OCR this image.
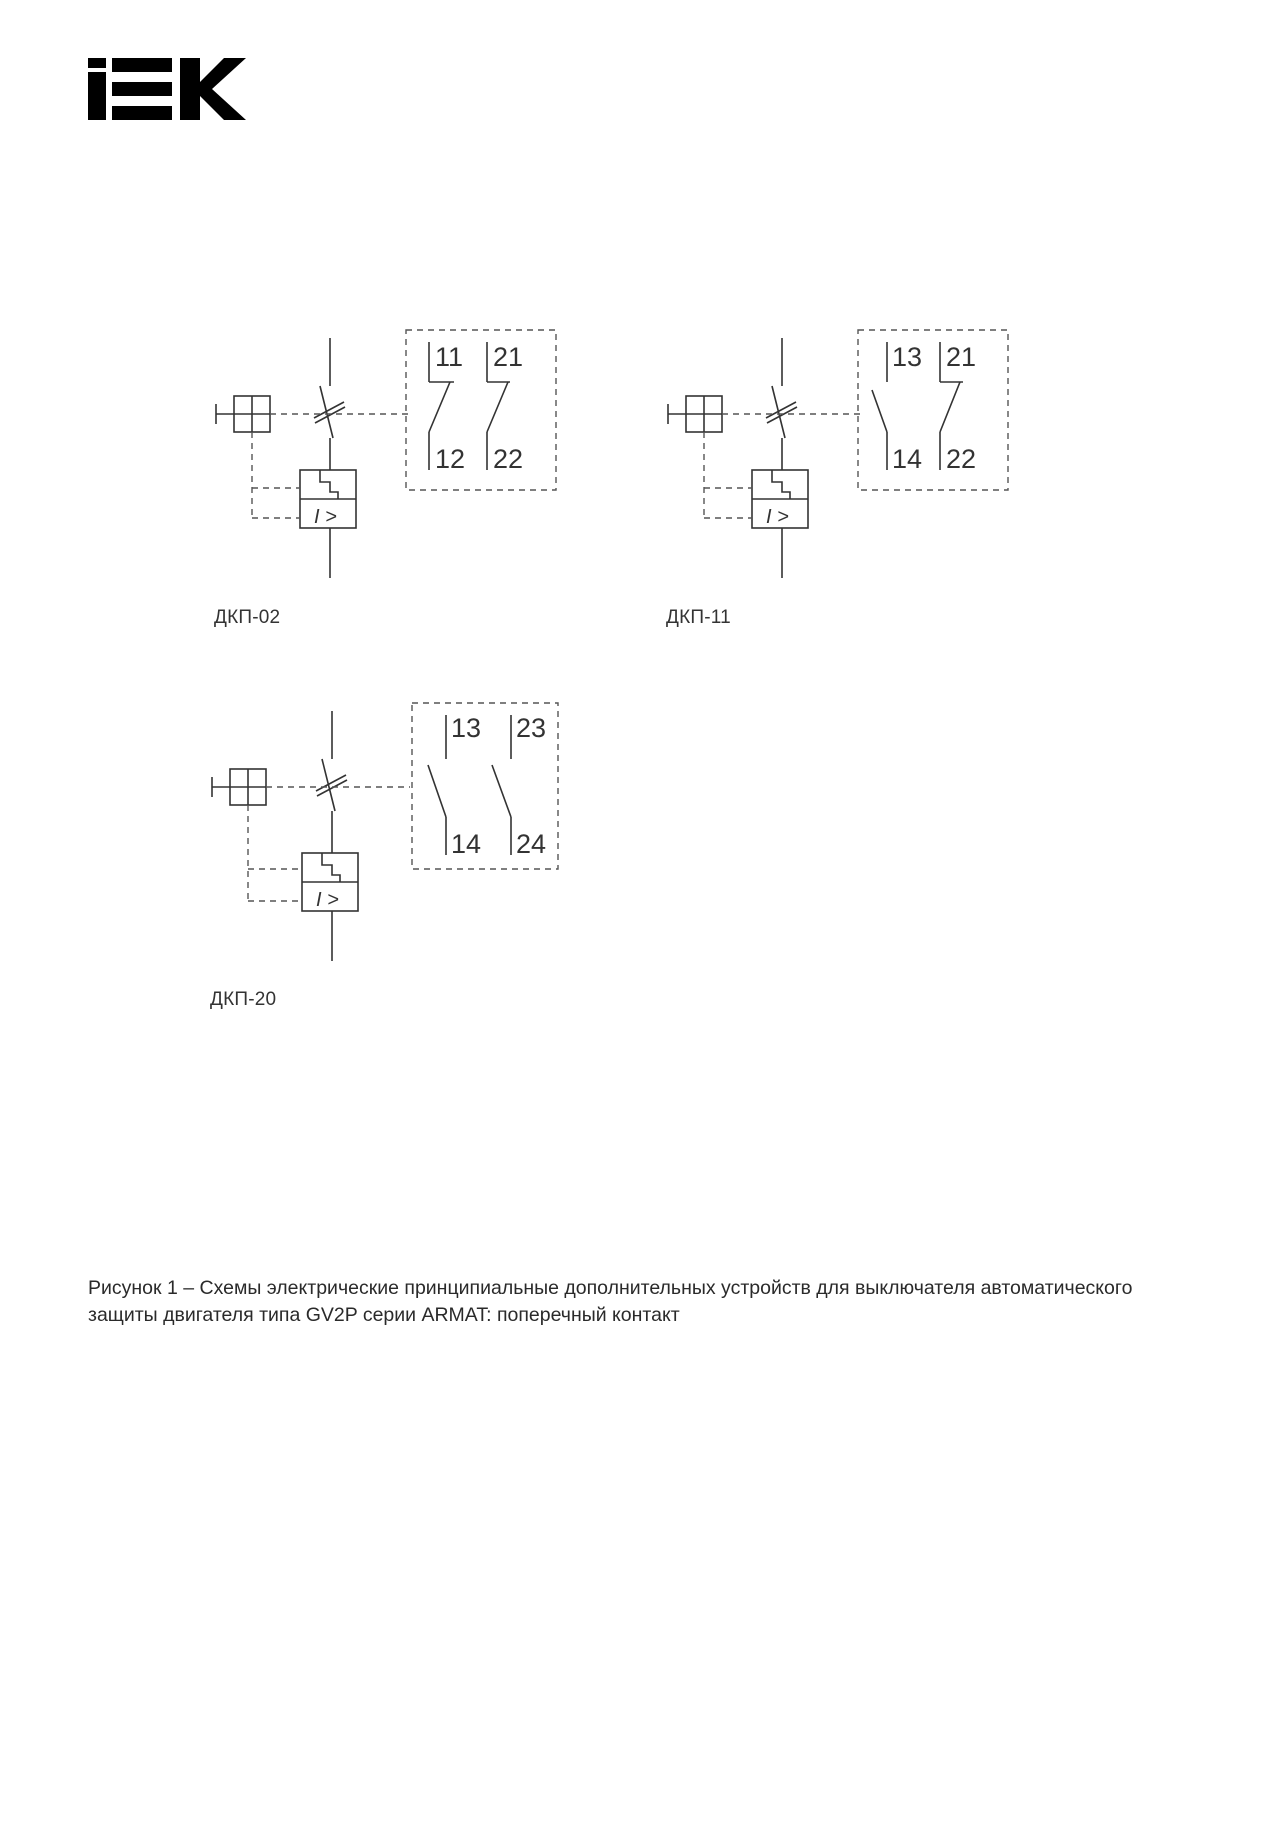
11 21
12 22
I >
ДКП-02
13 21
14 22
I >
ДКП-11
13 23
14 24
I >
ДКП-20
Рисунок 1 – Схемы электрические принципиальные дополнительных устройств для выключателя автоматического
защиты двигателя типа GV2P серии ARMAT: поперечный контакт
